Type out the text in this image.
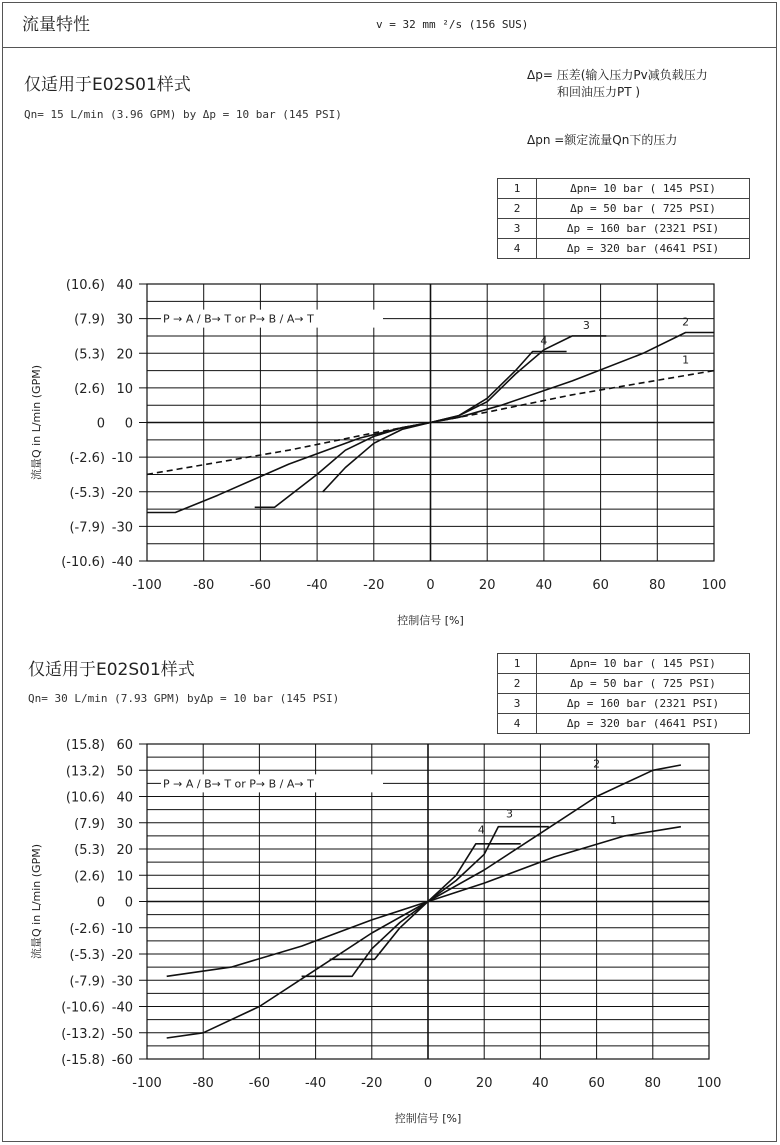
流量特性	v = 32 mm ²/s (156 SUS)
仅适用于E02S01样式
Qn= 15 L/min (3.96 GPM) by Δp = 10 bar (145 PSI)
Δp= 压差(输入压力Pv减负载压力
和回油压力PT )
Δpn =额定流量Qn下的压力
1	Δpn= 10 bar ( 145 PSI)
2	Δp = 50 bar ( 725 PSI)
3	Δp = 160 bar (2321 PSI)
4	Δp = 320 bar (4641 PSI)
40
(10.6)
30
(7.9)
20
(5.3)
10
(2.6)
0
0
-10
(-2.6)
-20
(-5.3)
-30
(-7.9)
-40
(-10.6)
-100 -80	-60	-40	-20	0	20	40	60	80	100
控制信号 [%]
流量Q in L/min (GPM)
P → A / B→ T or P→ B / A→ T
1
2
3
4
仅适用于E02S01样式
Qn= 30 L/min (7.93 GPM) byΔp = 10 bar (145 PSI)
1	Δpn= 10 bar ( 145 PSI)
2	Δp = 50 bar ( 725 PSI)
3	Δp = 160 bar (2321 PSI)
4	Δp = 320 bar (4641 PSI)
60
(15.8)
50
(13.2)
40
(10.6)
30
(7.9)
20
(5.3)
10
(2.6)
0
0
-10
(-2.6)
-20
(-5.3)
-30
(-7.9)
-40
(-10.6)
-50
(-13.2)
-60
(-15.8)
-100 -80	-60	-40	-20	0	20	40	60	80	100
控制信号 [%]
流量Q in L/min (GPM)
P → A / B→ T or P→ B / A→ T
1
2
3
4
